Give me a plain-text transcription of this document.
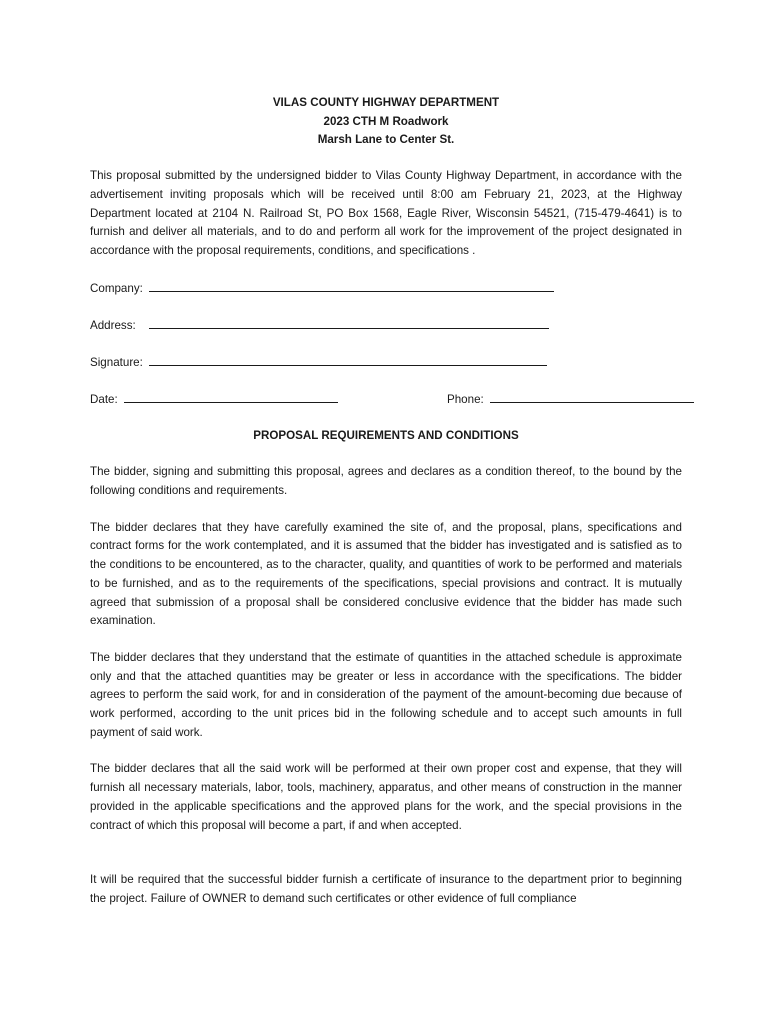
VILAS COUNTY HIGHWAY DEPARTMENT
2023 CTH M Roadwork
Marsh Lane to Center St.

This proposal submitted by the undersigned bidder to Vilas County Highway Department, in accordance with the advertisement inviting proposals which will be received until 8:00 am February 21, 2023, at the Highway Department located at 2104 N. Railroad St, PO Box 1568, Eagle River, Wisconsin 54521, (715-479-4641) is to furnish and deliver all materials, and to do and perform all work for the improvement of the project designated in accordance with the proposal requirements, conditions, and specifications .

Company:
Address:
Signature:
Date:	Phone:
PROPOSAL REQUIREMENTS AND CONDITIONS

The bidder, signing and submitting this proposal, agrees and declares as a condition thereof, to the bound by the following conditions and requirements.

The bidder declares that they have carefully examined the site of, and the proposal, plans, specifications and contract forms for the work contemplated, and it is assumed that the bidder has investigated and is satisfied as to the conditions to be encountered, as to the character, quality, and quantities of work to be performed and materials to be furnished, and as to the requirements of the specifications, special provisions and contract. It is mutually agreed that submission of a proposal shall be considered conclusive evidence that the bidder has made such examination.

The bidder declares that they understand that the estimate of quantities in the attached schedule is approximate only and that the attached quantities may be greater or less in accordance with the specifications. The bidder agrees to perform the said work, for and in consideration of the payment of the amount-becoming due because of work performed, according to the unit prices bid in the following schedule and to accept such amounts in full payment of said work.

The bidder declares that all the said work will be performed at their own proper cost and expense, that they will furnish all necessary materials, labor, tools, machinery, apparatus, and other means of construction in the manner provided in the applicable specifications and the approved plans for the work, and the special provisions in the contract of which this proposal will become a part, if and when accepted.

It will be required that the successful bidder furnish a certificate of insurance to the department prior to beginning the project. Failure of OWNER to demand such certificates or other evidence of full compliance
